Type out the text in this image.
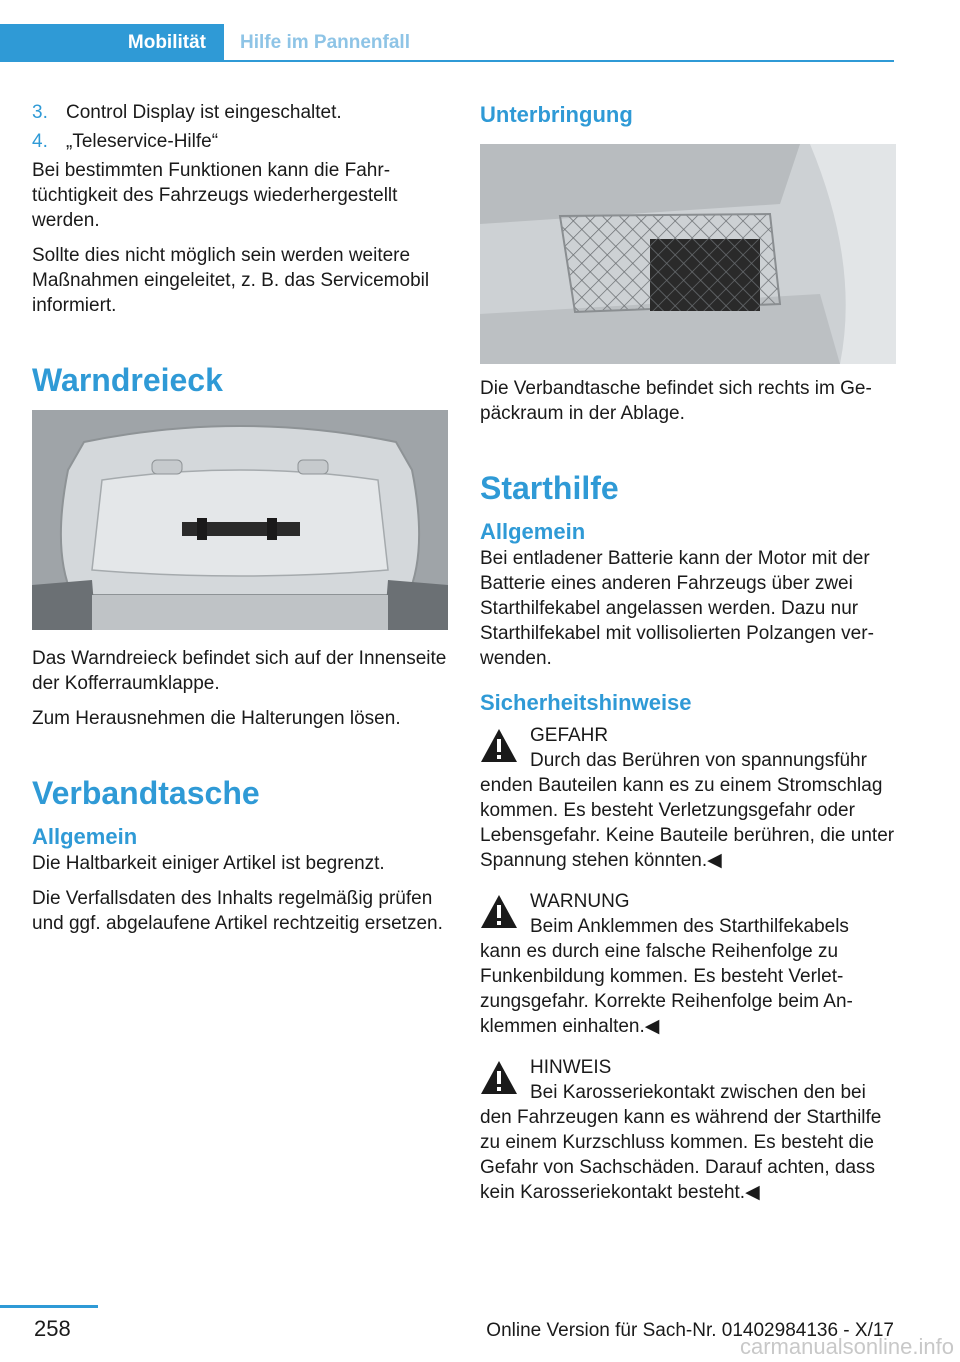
Mobilität Hilfe im Pannenfall
3. Control Display ist eingeschaltet.
4. „Teleservice-Hilfe“

Bei bestimmten Funktionen kann die Fahrtüchtigkeit des Fahrzeugs wiederhergestellt werden.

Sollte dies nicht möglich sein werden weitere Maßnahmen eingeleitet, z. B. das Servicemobil informiert.

Warndreieck

Das Warndreieck befindet sich auf der Innenseite der Kofferraumklappe.

Zum Herausnehmen die Halterungen lösen.

Verbandtasche
Allgemein

Die Haltbarkeit einiger Artikel ist begrenzt.

Die Verfallsdaten des Inhalts regelmäßig prüfen und ggf. abgelaufene Artikel rechtzeitig ersetzen.

Unterbringung

Die Verbandtasche befindet sich rechts im Gepäckraum in der Ablage.

Starthilfe
Allgemein

Bei entladener Batterie kann der Motor mit der Batterie eines anderen Fahrzeugs über zwei Starthilfekabel angelassen werden. Dazu nur Starthilfekabel mit vollisolierten Polzangen verwenden.

Sicherheitshinweise

GEFAHR

Durch das Berühren von spannungsführ

enden Bauteilen kann es zu einem Stromschlag kommen. Es besteht Verletzungsgefahr oder Lebensgefahr. Keine Bauteile berühren, die unter Spannung stehen könnten.◀

WARNUNG

Beim Anklemmen des Starthilfekabels

kann es durch eine falsche Reihenfolge zu Funkenbildung kommen. Es besteht Verletzungsgefahr. Korrekte Reihenfolge beim Anklemmen einhalten.◀

HINWEIS

Bei Karosseriekontakt zwischen den bei

den Fahrzeugen kann es während der Starthilfe zu einem Kurzschluss kommen. Es besteht die Gefahr von Sachschäden. Darauf achten, dass kein Karosseriekontakt besteht.◀

258	Online Version für Sach-Nr. 01402984136 - X/17
carmanualsonline.info
